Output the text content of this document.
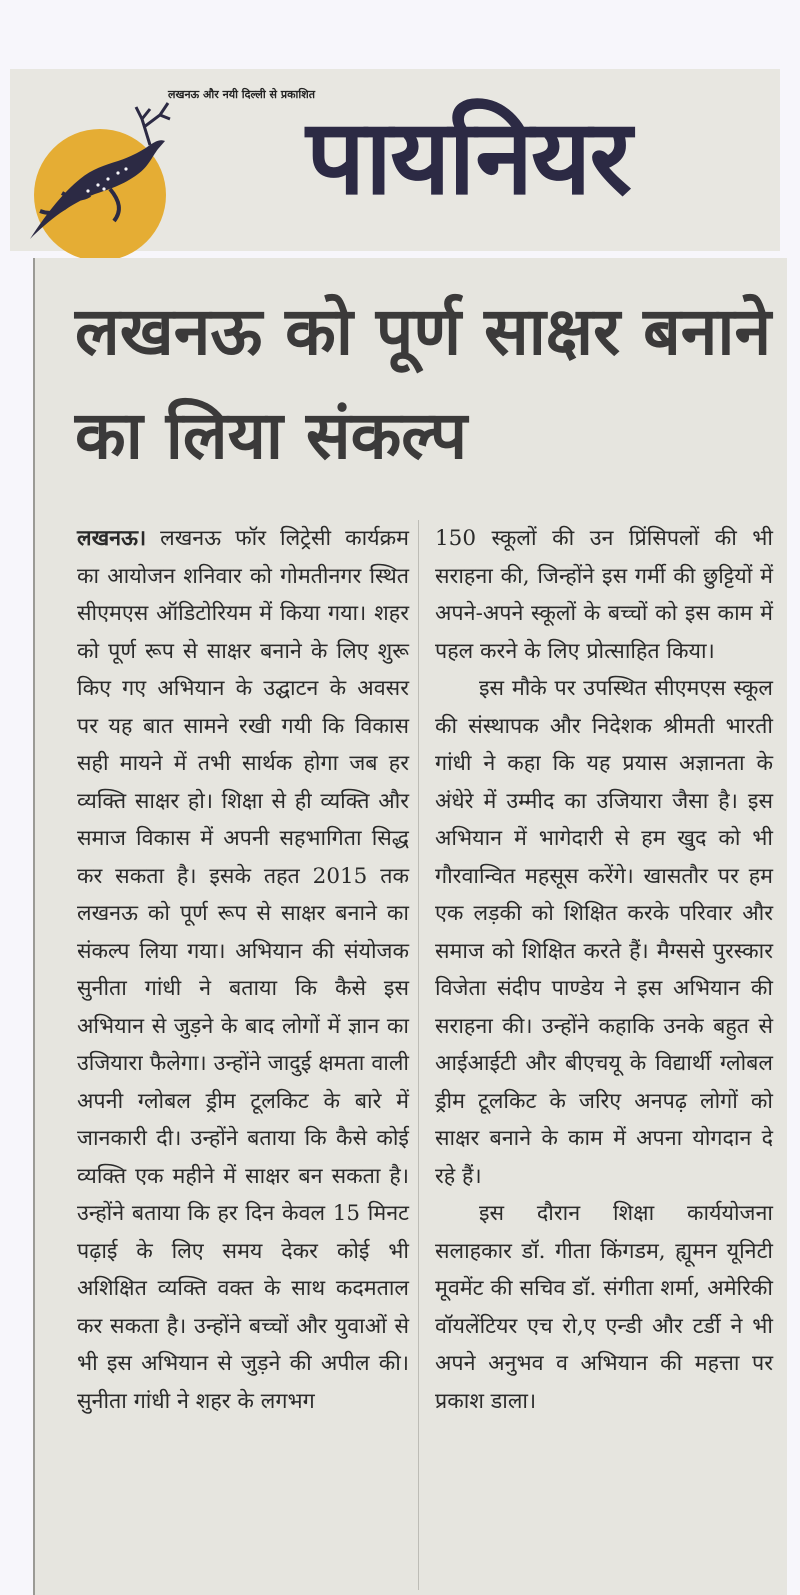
लखनऊ और नयी दिल्ली से प्रकाशित
पायनियर
लखनऊ को पूर्ण साक्षर बनाने का लिया संकल्प

लखनऊ। लखनऊ फॉर लिट्रेसी कार्यक्रम का आयोजन शनिवार को गोमतीनगर स्थित सीएमएस ऑडिटोरियम में किया गया। शहर को पूर्ण रूप से साक्षर बनाने के लिए शुरू किए गए अभियान के उद्घाटन के अवसर पर यह बात सामने रखी गयी कि विकास सही मायने में तभी सार्थक होगा जब हर व्यक्ति साक्षर हो। शिक्षा से ही व्यक्ति और समाज विकास में अपनी सहभागिता सिद्ध कर सकता है। इसके तहत 2015 तक लखनऊ को पूर्ण रूप से साक्षर बनाने का संकल्प लिया गया। अभियान की संयोजक सुनीता गांधी ने बताया कि कैसे इस अभियान से जुड़ने के बाद लोगों में ज्ञान का उजियारा फैलेगा। उन्होंने जादुई क्षमता वाली अपनी ग्लोबल ड्रीम टूलकिट के बारे में जानकारी दी। उन्होंने बताया कि कैसे कोई व्यक्ति एक महीने में साक्षर बन सकता है। उन्होंने बताया कि हर दिन केवल 15 मिनट पढ़ाई के लिए समय देकर कोई भी अशिक्षित व्यक्ति वक्त के साथ कदमताल कर सकता है। उन्होंने बच्चों और युवाओं से भी इस अभियान से जुड़ने की अपील की। सुनीता गांधी ने शहर के लगभग

150 स्कूलों की उन प्रिंसिपलों की भी सराहना की, जिन्होंने इस गर्मी की छुट्टियों में अपने-अपने स्कूलों के बच्चों को इस काम में पहल करने के लिए प्रोत्साहित किया।

इस मौके पर उपस्थित सीएमएस स्कूल की संस्थापक और निदेशक श्रीमती भारती गांधी ने कहा कि यह प्रयास अज्ञानता के अंधेरे में उम्मीद का उजियारा जैसा है। इस अभियान में भागेदारी से हम खुद को भी गौरवान्वित महसूस करेंगे। खासतौर पर हम एक लड़की को शिक्षित करके परिवार और समाज को शिक्षित करते हैं। मैग्ससे पुरस्कार विजेता संदीप पाण्डेय ने इस अभियान की सराहना की। उन्होंने कहाकि उनके बहुत से आईआईटी और बीएचयू के विद्यार्थी ग्लोबल ड्रीम टूलकिट के जरिए अनपढ़ लोगों को साक्षर बनाने के काम में अपना योगदान दे रहे हैं।

इस दौरान शिक्षा कार्ययोजना सलाहकार डॉ. गीता किंगडम, ह्यूमन यूनिटी मूवमेंट की सचिव डॉ. संगीता शर्मा, अमेरिकी वॉयलेंटियर एच रो,ए एन्डी और टर्डी ने भी अपने अनुभव व अभियान की महत्ता पर प्रकाश डाला।
